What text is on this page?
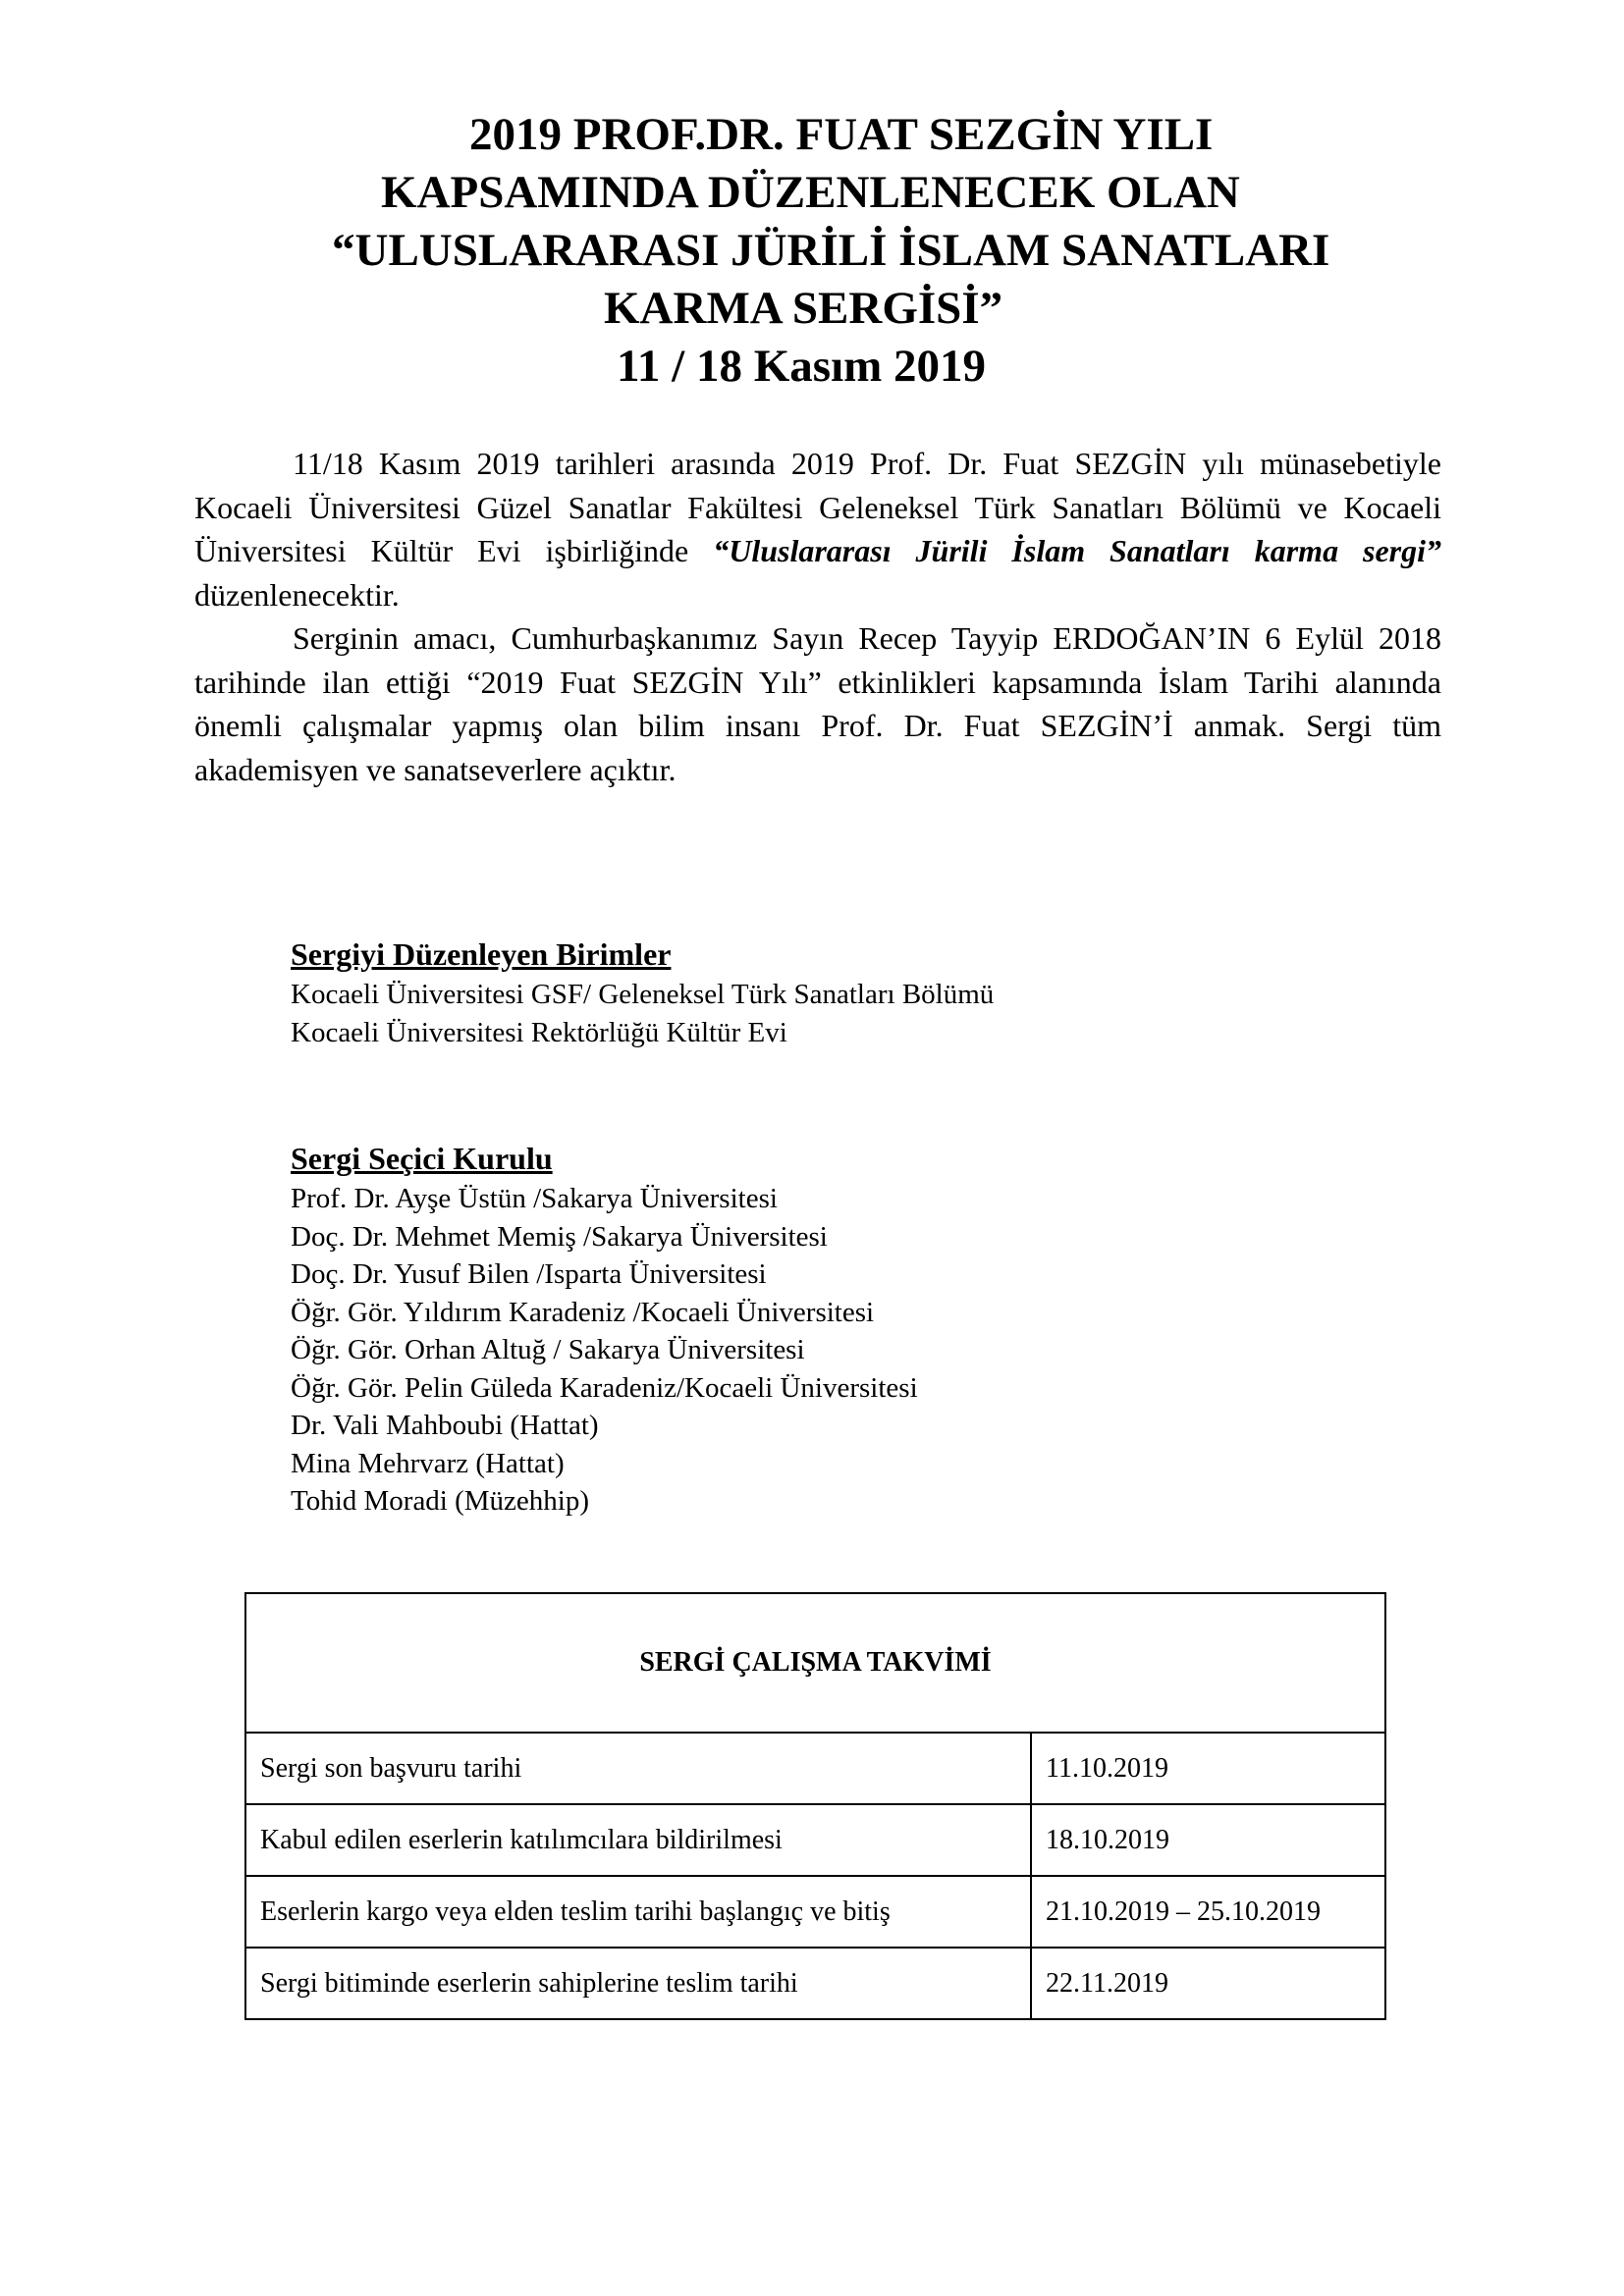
2019 PROF.DR. FUAT SEZGİN YILI
KAPSAMINDA DÜZENLENECEK OLAN
“ULUSLARARASI JÜRİLİ İSLAM SANATLARI
KARMA SERGİSİ”
11 / 18 Kasım 2019

11/18 Kasım 2019 tarihleri arasında 2019 Prof. Dr. Fuat SEZGİN yılı münasebetiyle Kocaeli Üniversitesi Güzel Sanatlar Fakültesi Geleneksel Türk Sanatları Bölümü ve Kocaeli Üniversitesi Kültür Evi işbirliğinde “Uluslararası Jürili İslam Sanatları karma sergi” düzenlenecektir.

Serginin amacı, Cumhurbaşkanımız Sayın Recep Tayyip ERDOĞAN’IN 6 Eylül 2018 tarihinde ilan ettiği “2019 Fuat SEZGİN Yılı” etkinlikleri kapsamında İslam Tarihi alanında önemli çalışmalar yapmış olan bilim insanı Prof. Dr. Fuat SEZGİN’İ anmak. Sergi tüm akademisyen ve sanatseverlere açıktır.

Sergiyi Düzenleyen Birimler
Kocaeli Üniversitesi GSF/ Geleneksel Türk Sanatları Bölümü
Kocaeli Üniversitesi Rektörlüğü Kültür Evi
Sergi Seçici Kurulu
Prof. Dr. Ayşe Üstün /Sakarya Üniversitesi
Doç. Dr. Mehmet Memiş /Sakarya Üniversitesi
Doç. Dr. Yusuf Bilen /Isparta Üniversitesi
Öğr. Gör. Yıldırım Karadeniz /Kocaeli Üniversitesi
Öğr. Gör. Orhan Altuğ / Sakarya Üniversitesi
Öğr. Gör. Pelin Güleda Karadeniz/Kocaeli Üniversitesi
Dr. Vali Mahboubi (Hattat)
Mina Mehrvarz (Hattat)
Tohid Moradi (Müzehhip)
SERGİ ÇALIŞMA TAKVİMİ	
Sergi son başvuru tarihi	11.10.2019
Kabul edilen eserlerin katılımcılara bildirilmesi	18.10.2019
Eserlerin kargo veya elden teslim tarihi başlangıç ve bitiş	21.10.2019 – 25.10.2019
Sergi bitiminde eserlerin sahiplerine teslim tarihi	22.11.2019
